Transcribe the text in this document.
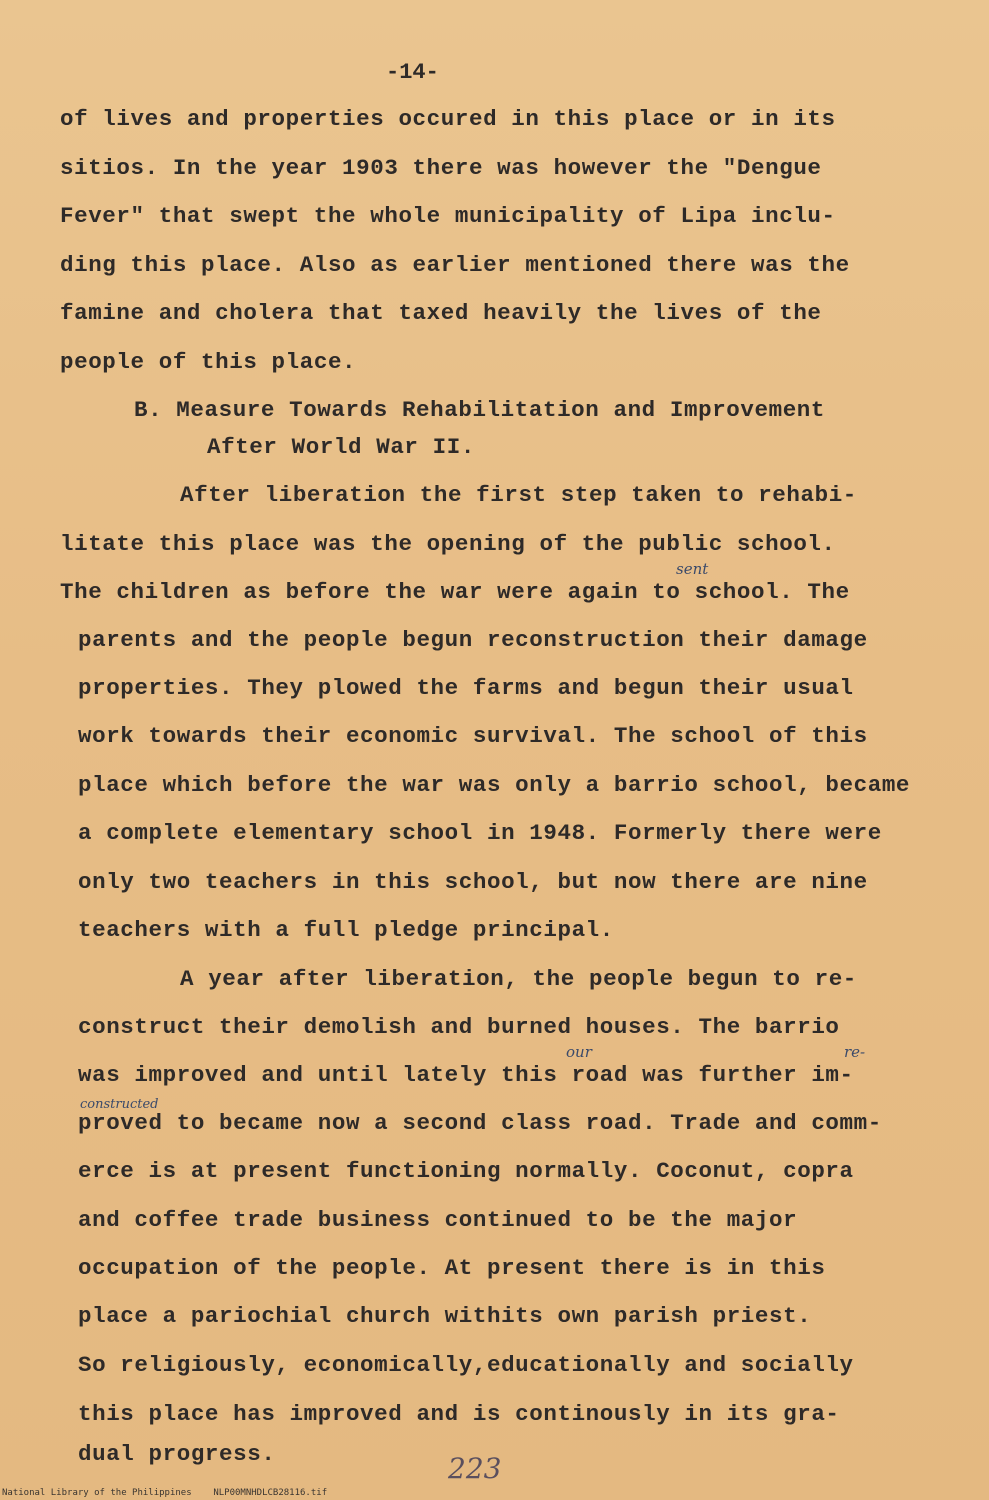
-14-
of lives and properties occured in this place or in its
sitios. In the year 1903 there was however the "Dengue
Fever" that swept the whole municipality of Lipa inclu-
ding this place. Also as earlier mentioned there was the
famine and cholera that taxed heavily the lives of the
people of this place.
B. Measure Towards Rehabilitation and Improvement
After World War II.
After liberation the first step taken to rehabi-
litate this place was the opening of the public school.
The children as before the war were again to school. The
parents and the people begun reconstruction their damage
properties. They plowed the farms and begun their usual
work towards their economic survival. The school of this
place which before the war was only a barrio school, became
a complete elementary school in 1948. Formerly there were
only two teachers in this school, but now there are nine
teachers with a full pledge principal.
A year after liberation, the people begun to re-
construct their demolish and burned houses. The barrio
was improved and until lately this road was further im-
proved to became now a second class road. Trade and comm-
erce is at present functioning normally. Coconut, copra
and coffee trade business continued to be the major
occupation of the people. At present there is in this
place a pariochial church withits own parish priest.
So religiously, economically,educationally and socially
this place has improved and is continously in its gra-
dual progress.
sent
our	re-
constructed
223
National Library of the Philippines    NLP00MNHDLCB28116.tif
